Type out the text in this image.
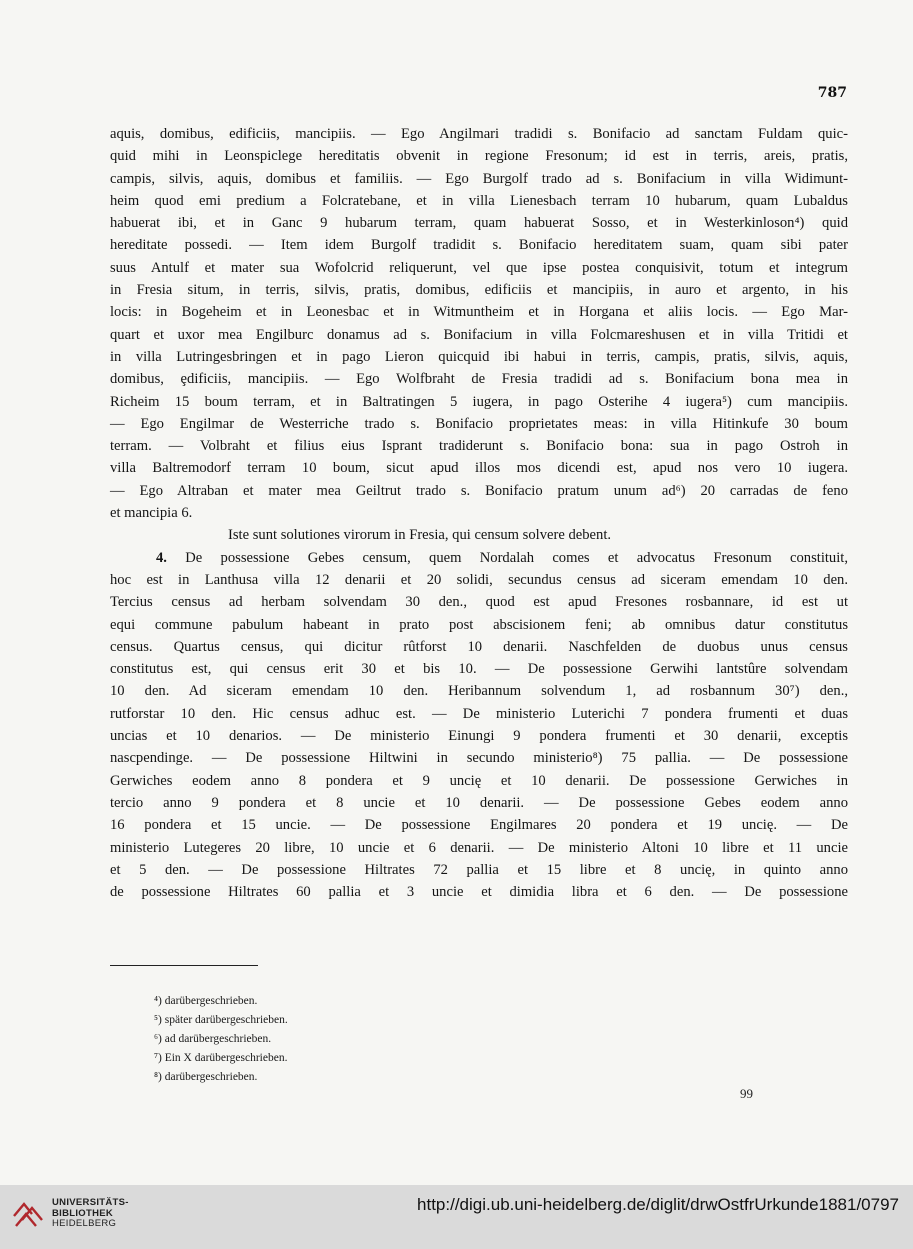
787
aquis, domibus, edificiis, mancipiis. — Ego Angilmari tradidi s. Bonifacio ad sanctam Fuldam quic-
quid mihi in Leonspiclege hereditatis obvenit in regione Fresonum; id est in terris, areis, pratis,
campis, silvis, aquis, domibus et familiis. — Ego Burgolf trado ad s. Bonifacium in villa Widimunt-
heim quod emi predium a Folcratebane, et in villa Lienesbach terram 10 hubarum, quam Lubaldus
habuerat ibi, et in Ganc 9 hubarum terram, quam habuerat Sosso, et in Westerkinloson⁴) quid
hereditate possedi. — Item idem Burgolf tradidit s. Bonifacio hereditatem suam, quam sibi pater
suus Antulf et mater sua Wofolcrid reliquerunt, vel que ipse postea conquisivit, totum et integrum
in Fresia situm, in terris, silvis, pratis, domibus, edificiis et mancipiis, in auro et argento, in his
locis: in Bogeheim et in Leonesbac et in Witmuntheim et in Horgana et aliis locis. — Ego Mar-
quart et uxor mea Engilburc donamus ad s. Bonifacium in villa Folcmareshusen et in villa Tritidi et
in villa Lutringesbringen et in pago Lieron quicquid ibi habui in terris, campis, pratis, silvis, aquis,
domibus, ȩdificiis, mancipiis. — Ego Wolfbraht de Fresia tradidi ad s. Bonifacium bona mea in
Richeim 15 boum terram, et in Baltratingen 5 iugera, in pago Osterihe 4 iugera⁵) cum mancipiis.
— Ego Engilmar de Westerriche trado s. Bonifacio proprietates meas: in villa Hitinkufe 30 boum
terram. — Volbraht et filius eius Isprant tradiderunt s. Bonifacio bona: sua in pago Ostroh in
villa Baltremodorf terram 10 boum, sicut apud illos mos dicendi est, apud nos vero 10 iugera.
— Ego Altraban et mater mea Geiltrut trado s. Bonifacio pratum unum ad⁶) 20 carradas de feno
et mancipia 6.
Iste sunt solutiones virorum in Fresia, qui censum solvere debent.
4. De possessione Gebes censum, quem Nordalah comes et advocatus Fresonum constituit,
hoc est in Lanthusa villa 12 denarii et 20 solidi, secundus census ad siceram emendam 10 den.
Tercius census ad herbam solvendam 30 den., quod est apud Fresones rosbannare, id est ut
equi commune pabulum habeant in prato post abscisionem feni; ab omnibus datur constitutus
census. Quartus census, qui dicitur rûtforst 10 denarii. Naschfelden de duobus unus census
constitutus est, qui census erit 30 et bis 10. — De possessione Gerwihi lantstûre solvendam
10 den. Ad siceram emendam 10 den. Heribannum solvendum 1, ad rosbannum 30⁷) den.,
rutforstar 10 den. Hic census adhuc est. — De ministerio Luterichi 7 pondera frumenti et duas
uncias et 10 denarios. — De ministerio Einungi 9 pondera frumenti et 30 denarii, exceptis
nascpendinge. — De possessione Hiltwini in secundo ministerio⁸) 75 pallia. — De possessione
Gerwiches eodem anno 8 pondera et 9 uncię et 10 denarii. De possessione Gerwiches in
tercio anno 9 pondera et 8 uncie et 10 denarii. — De possessione Gebes eodem anno
16 pondera et 15 uncie. — De possessione Engilmares 20 pondera et 19 uncię. — De
ministerio Lutegeres 20 libre, 10 uncie et 6 denarii. — De ministerio Altoni 10 libre et 11 uncie
et 5 den. — De possessione Hiltrates 72 pallia et 15 libre et 8 uncię, in quinto anno
de possessione Hiltrates 60 pallia et 3 uncie et dimidia libra et 6 den. — De possessione
⁴) darübergeschrieben.
⁵) später darübergeschrieben.
⁶) ad darübergeschrieben.
⁷) Ein X darübergeschrieben.
⁸) darübergeschrieben.
99
UNIVERSITÄTS-
BIBLIOTHEK
HEIDELBERG
http://digi.ub.uni-heidelberg.de/diglit/drwOstfrUrkunde1881/0797
